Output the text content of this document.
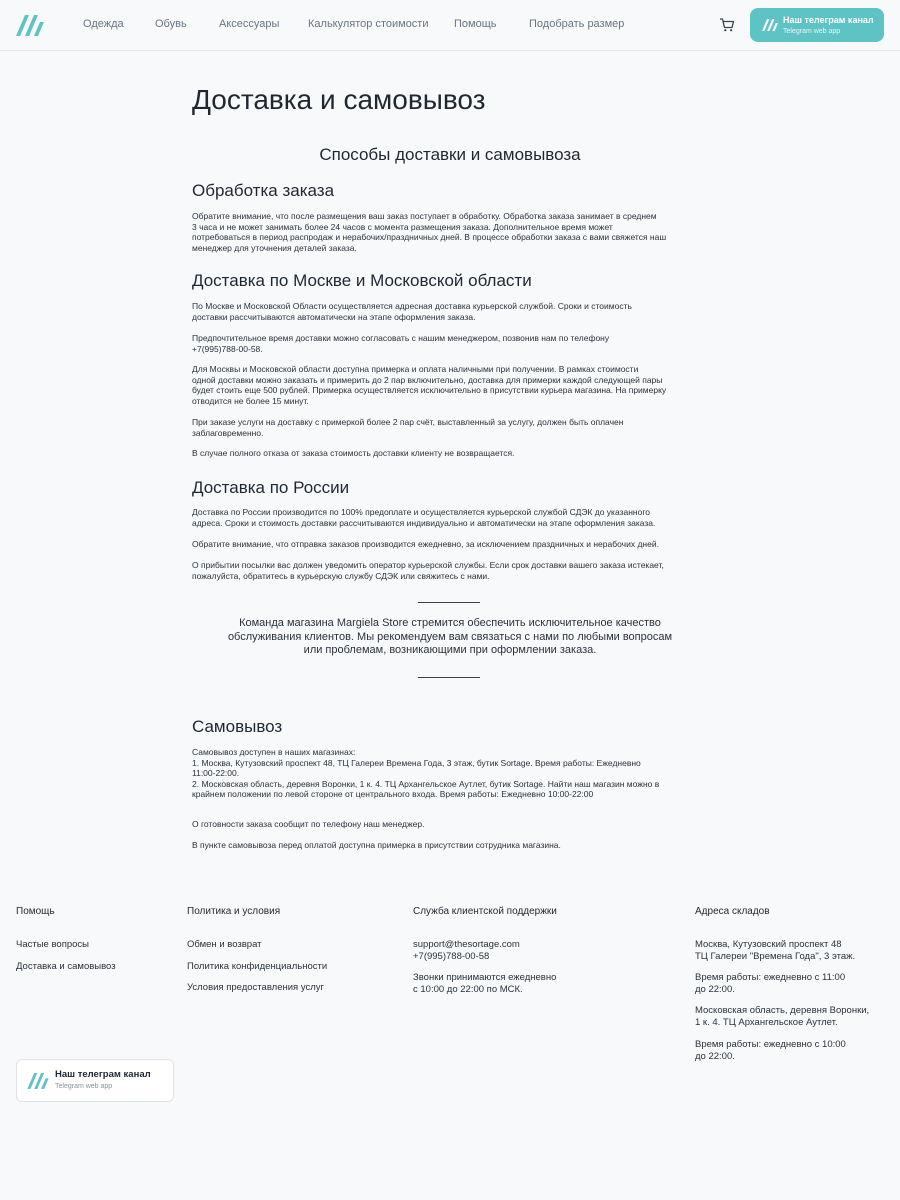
Одежда	Обувь	Аксессуары	Калькулятор стоимости Помощь	Подобрать размер	Наш телеграм канал
Telegram web app
Доставка и самовывоз
Способы доставки и самовывоза
Обработка заказа
Обратите внимание, что после размещения ваш заказ поступает в обработку. Обработка заказа занимает в среднем
3 часа и не может занимать более 24 часов с момента размещения заказа. Дополнительное время может
потребоваться в период распродаж и нерабочих/праздничных дней. В процессе обработки заказа с вами свяжется наш
менеджер для уточнения деталей заказа.
Доставка по Москве и Московской области
По Москве и Московской Области осуществляется адресная доставка курьерской службой. Сроки и стоимость
доставки рассчитываются автоматически на этапе оформления заказа.
Предпочтительное время доставки можно согласовать с нашим менеджером, позвонив нам по телефону
+7(995)788-00-58.
Для Москвы и Московской области доступна примерка и оплата наличными при получении. В рамках стоимости
одной доставки можно заказать и примерить до 2 пар включительно, доставка для примерки каждой следующей пары
будет стоить еще 500 рублей. Примерка осуществляется исключительно в присутствии курьера магазина. На примерку
отводится не более 15 минут.
При заказе услуги на доставку с примеркой более 2 пар счёт, выставленный за услугу, должен быть оплачен
заблаговременно.
В случае полного отказа от заказа стоимость доставки клиенту не возвращается.
Доставка по России
Доставка по России производится по 100% предоплате и осуществляется курьерской службой СДЭК до указанного
адреса. Сроки и стоимость доставки рассчитываются индивидуально и автоматически на этапе оформления заказа.
Обратите внимание, что отправка заказов производится ежедневно, за исключением праздничных и нерабочих дней.
О прибытии посылки вас должен уведомить оператор курьерской службы. Если срок доставки вашего заказа истекает,
пожалуйста, обратитесь в курьерскую службу СДЭК или свяжитесь с нами.
Команда магазина Margiela Store стремится обеспечить исключительное качество
обслуживания клиентов. Мы рекомендуем вам связаться с нами по любыми вопросам
или проблемам, возникающими при оформлении заказа.
Самовывоз
Самовывоз доступен в наших магазинах:
1. Москва, Кутузовский проспект 48, ТЦ Галереи Времена Года, 3 этаж, бутик Sortage. Время работы: Ежедневно
11:00-22:00.
2. Московская область, деревня Воронки, 1 к. 4. ТЦ Архангельское Аутлет, бутик Sortage. Найти наш магазин можно в
крайнем положении по левой стороне от центрального входа. Время работы: Ежедневно 10:00-22:00
О готовности заказа сообщит по телефону наш менеджер.
В пункте самовывоза перед оплатой доступна примерка в присутствии сотрудника магазина.
Помощь
Частые вопросы
Доставка и самовывоз
Политика и условия
Обмен и возврат
Политика конфиденциальности
Условия предоставления услуг
Служба клиентской поддержки
support@thesortage.com
+7(995)788-00-58
Звонки принимаются ежедневно
с 10:00 до 22:00 по МСК.
Адреса складов
Москва, Кутузовский проспект 48
ТЦ Галереи "Времена Года", 3 этаж.
Время работы: ежедневно с 11:00
до 22:00.
Московская область, деревня Воронки,
1 к. 4. ТЦ Архангельское Аутлет.
Время работы: ежедневно с 10:00
до 22:00.
Наш телеграм канал
Telegram web app
